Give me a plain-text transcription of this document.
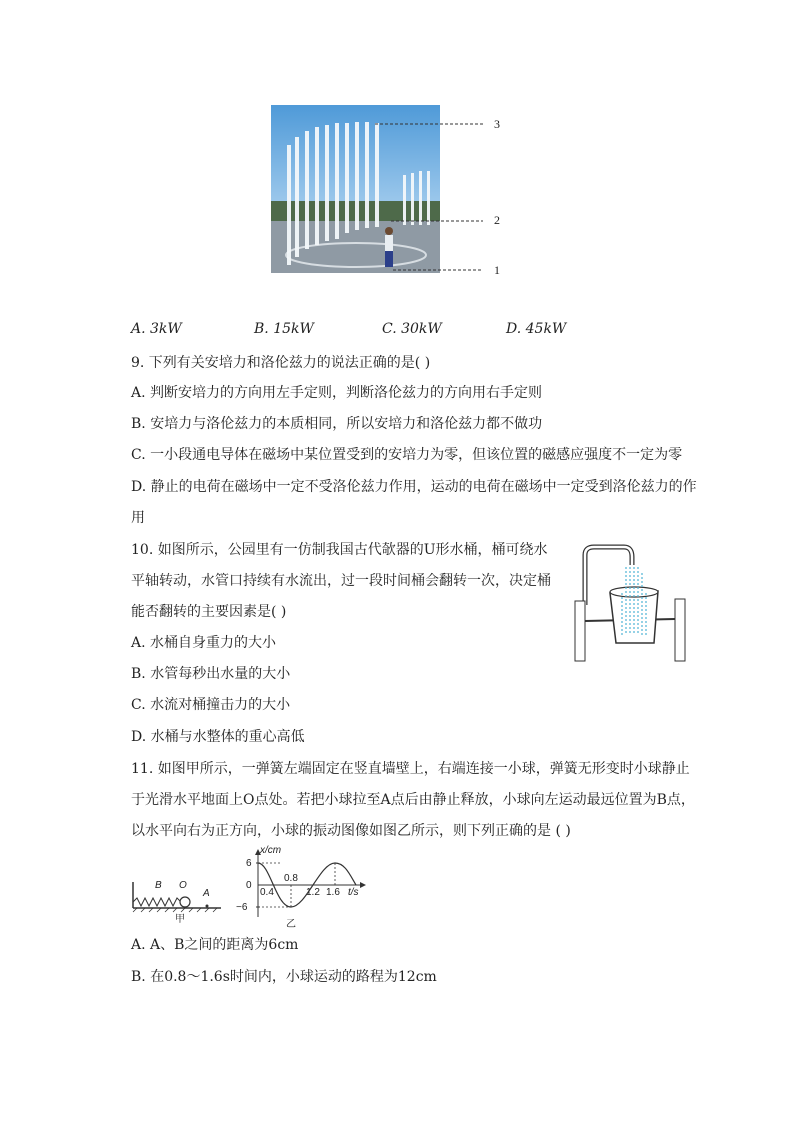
3
2
1
A. 3kW	B. 15kW	C. 30kW	D. 45kW
9. 下列有关安培力和洛伦兹力的说法正确的是( )
A. 判断安培力的方向用左手定则，判断洛伦兹力的方向用右手定则
B. 安培力与洛伦兹力的本质相同，所以安培力和洛伦兹力都不做功
C. 一小段通电导体在磁场中某位置受到的安培力为零，但该位置的磁感应强度不一定为零
D. 静止的电荷在磁场中一定不受洛伦兹力作用，运动的电荷在磁场中一定受到洛伦兹力的作
用
10. 如图所示，公园里有一仿制我国古代欹器的U形水桶，桶可绕水
平轴转动，水管口持续有水流出，过一段时间桶会翻转一次，决定桶
能否翻转的主要因素是( )
A. 水桶自身重力的大小
B. 水管每秒出水量的大小
C. 水流对桶撞击力的大小
D. 水桶与水整体的重心高低
11. 如图甲所示，一弹簧左端固定在竖直墙壁上，右端连接一小球，弹簧无形变时小球静止
于光滑水平地面上O点处。若把小球拉至A点后由静止释放，小球向左运动最远位置为B点，
以水平向右为正方向，小球的振动图像如图乙所示，则下列正确的是 ( )
B O
A
甲
x/cm
6
0
−6
0.4
0.8
1.2 1.6 t/s
乙
A. A、B之间的距离为6cm
B. 在0.8～1.6s时间内，小球运动的路程为12cm
